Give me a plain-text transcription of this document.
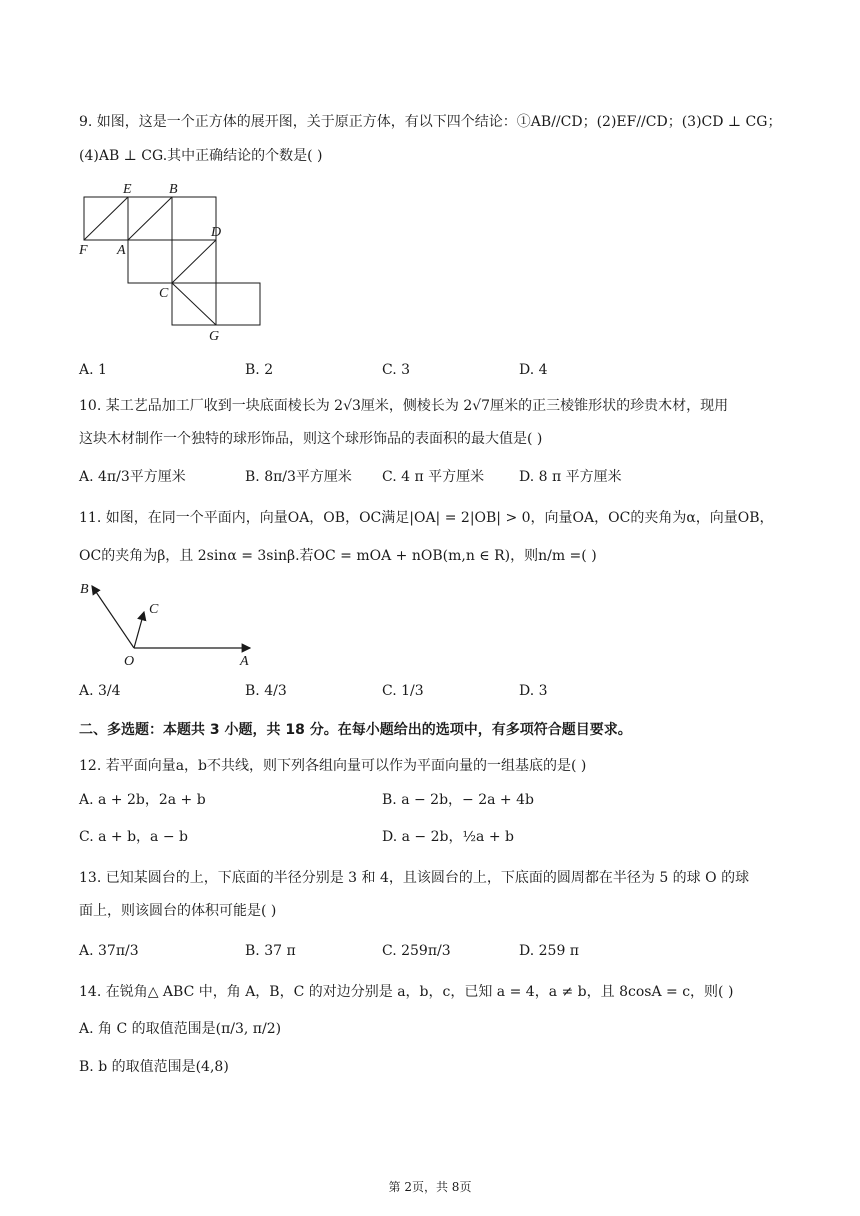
9. 如图，这是一个正方体的展开图，关于原正方体，有以下四个结论：①AB//CD；(2)EF//CD；(3)CD ⊥ CG；
(4)AB ⊥ CG.其中正确结论的个数是( )
E	B
F A
D
C
G
A. 1	B. 2	C. 3	D. 4
10. 某工艺品加工厂收到一块底面棱长为 2√3厘米，侧棱长为 2√7厘米的正三棱锥形状的珍贵木材，现用
这块木材制作一个独特的球形饰品，则这个球形饰品的表面积的最大值是( )
A. 4π/3平方厘米	B. 8π/3平方厘米 C. 4 π 平方厘米 D. 8 π 平方厘米
11. 如图，在同一个平面内，向量OA，OB，OC满足|OA| = 2|OB| > 0，向量OA，OC的夹角为α，向量OB，
OC的夹角为β，且 2sinα = 3sinβ.若OC = mOA + nOB(m,n ∈ R)，则n/m =( )
B
C
O	A
A. 3/4	B. 4/3	C. 1/3	D. 3
二、多选题：本题共 3 小题，共 18 分。在每小题给出的选项中，有多项符合题目要求。
12. 若平面向量a，b不共线，则下列各组向量可以作为平面向量的一组基底的是( )
A. a + 2b，2a + b	B. a − 2b，− 2a + 4b
C. a + b，a − b	D. a − 2b，½a + b
13. 已知某圆台的上，下底面的半径分别是 3 和 4，且该圆台的上，下底面的圆周都在半径为 5 的球 O 的球
面上，则该圆台的体积可能是( )
A. 37π/3	B. 37 π	C. 259π/3	D. 259 π
14. 在锐角△ ABC 中，角 A，B，C 的对边分别是 a，b，c，已知 a = 4，a ≠ b，且 8cosA = c，则( )
A. 角 C 的取值范围是(π/3, π/2)
B. b 的取值范围是(4,8)
第 2页，共 8页
